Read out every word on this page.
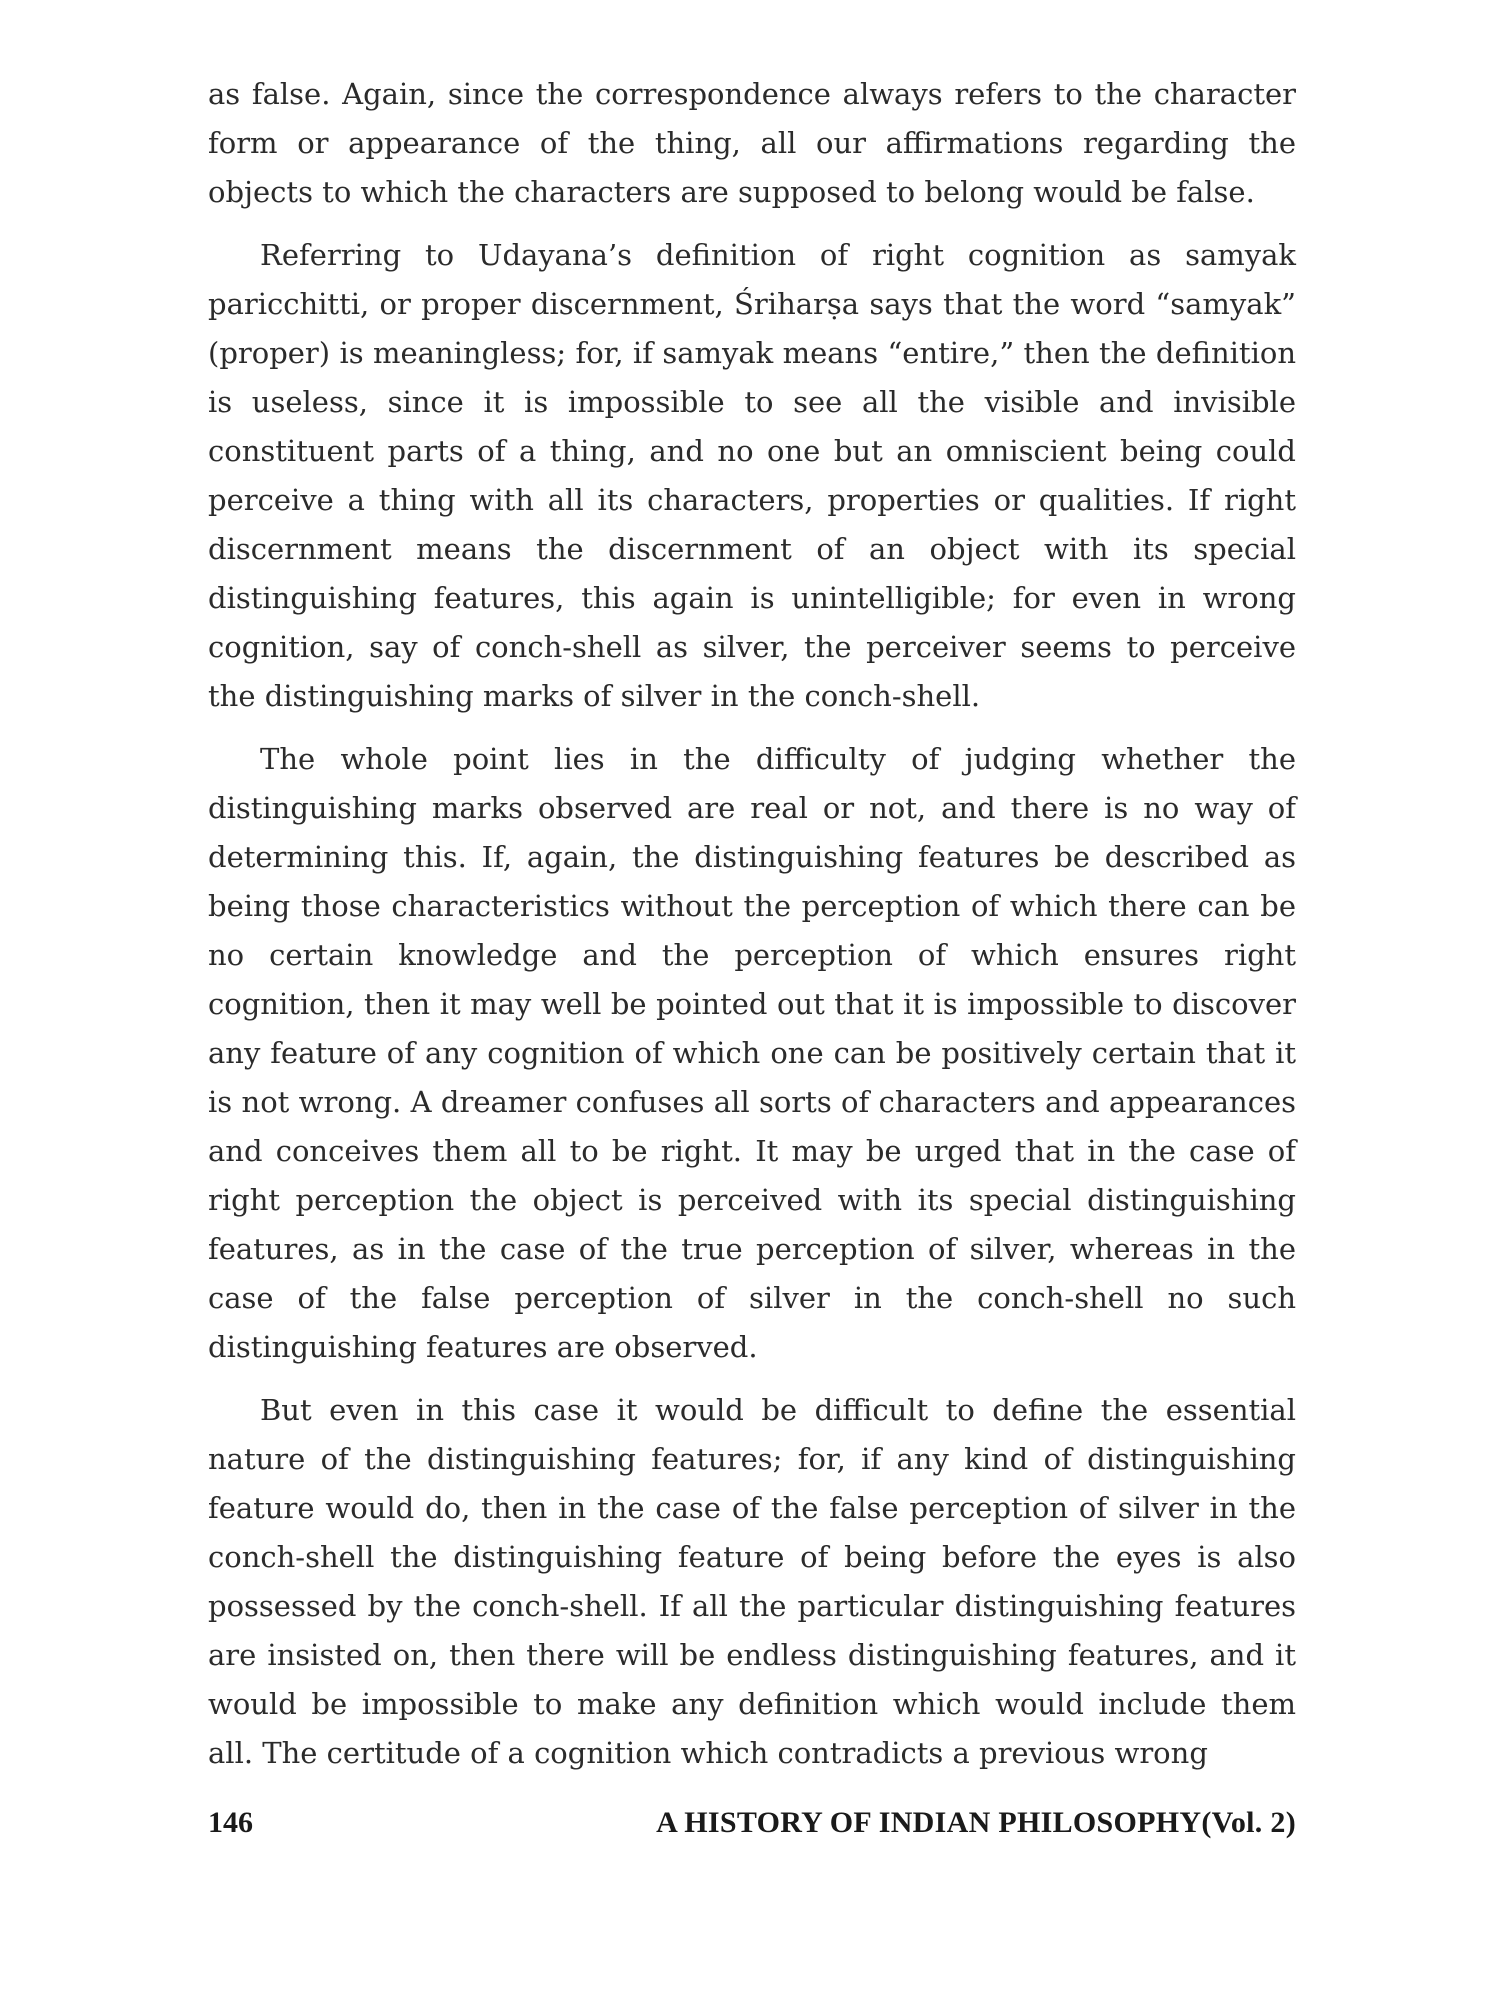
as false. Again, since the correspondence always refers to the character form or appearance of the thing, all our affirmations regarding the objects to which the characters are supposed to belong would be false.

Referring to Udayana’s definition of right cognition as samyak paricchitti, or proper discernment, Śriharṣa says that the word “samyak” (proper) is meaningless; for, if samyak means “entire,” then the definition is useless, since it is impossible to see all the visible and invisible constituent parts of a thing, and no one but an omniscient being could perceive a thing with all its characters, properties or qualities. If right discernment means the discernment of an object with its special distinguishing features, this again is unintelligible; for even in wrong cognition, say of conch-shell as silver, the perceiver seems to perceive the distinguishing marks of silver in the conch-shell.

The whole point lies in the difficulty of judging whether the distinguishing marks observed are real or not, and there is no way of determining this. If, again, the distinguishing features be described as being those characteristics without the perception of which there can be no certain knowledge and the perception of which ensures right cognition, then it may well be pointed out that it is impossible to discover any feature of any cognition of which one can be positively certain that it is not wrong. A dreamer confuses all sorts of characters and appearances and conceives them all to be right. It may be urged that in the case of right perception the object is perceived with its special distinguishing features, as in the case of the true perception of silver, whereas in the case of the false perception of silver in the conch-shell no such distinguishing features are observed.

But even in this case it would be difficult to define the essential nature of the distinguishing features; for, if any kind of distinguishing feature would do, then in the case of the false perception of silver in the conch-shell the distinguishing feature of being before the eyes is also possessed by the conch-shell. If all the particular distinguishing features are insisted on, then there will be endless distinguishing features, and it would be impossible to make any definition which would include them all. The certitude of a cognition which contradicts a previous wrong

146	A HISTORY OF INDIAN PHILOSOPHY(Vol. 2)
